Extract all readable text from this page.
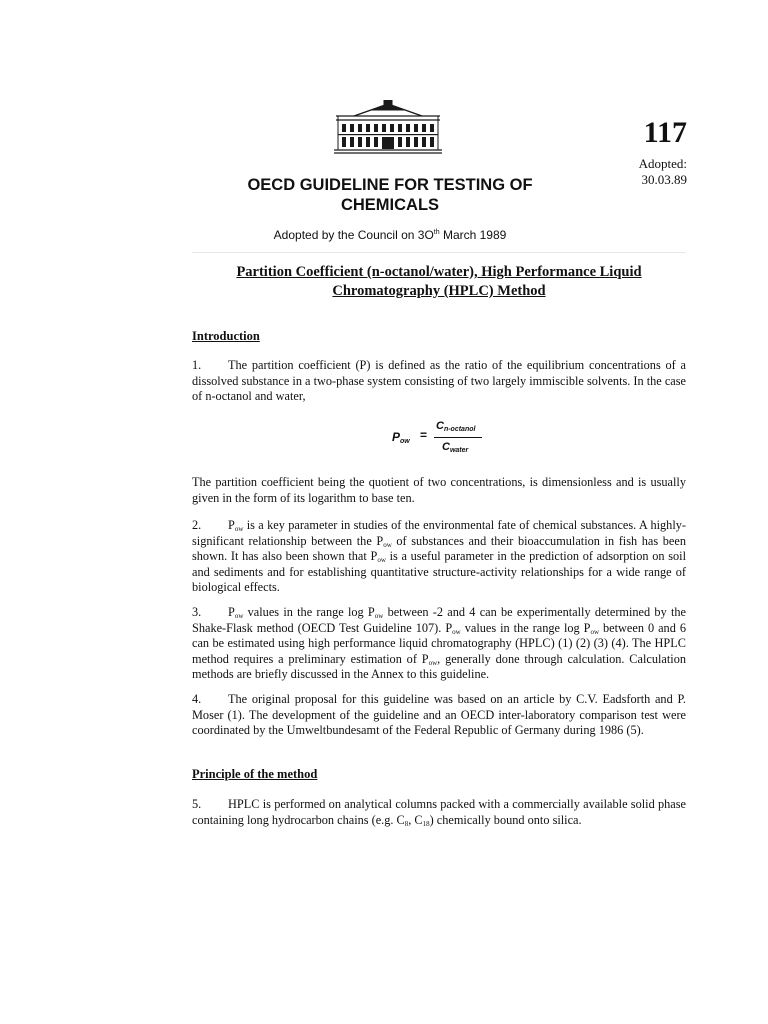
117
Adopted:
30.03.89
OECD GUIDELINE FOR TESTING OF
CHEMICALS
Adopted by the Council on $3O^{th}$ March 1989
Partition Coefficient (n-octanol/water), High Performance Liquid
Chromatography (HPLC) Method
Introduction

1. The partition coefficient (P) is defined as the ratio of the equilibrium concentrations of a dissolved substance in a two-phase system consisting of two largely immiscible solvents. In the case of n-octanol and water,

$P_{ow}$ =
$C_{n-octanol}$
$C_{water}$

The partition coefficient being the quotient of two concentrations, is dimensionless and is usually given in the form of its logarithm to base ten.

2. $P_{ow}$ is a key parameter in studies of the environmental fate of chemical substances. A highly-significant relationship between the $P_{ow}$ of substances and their bioaccumulation in fish has been shown. It has also been shown that $P_{ow}$ is a useful parameter in the prediction of adsorption on soil and sediments and for establishing quantitative structure-activity relationships for a wide range of biological effects.

3. $P_{ow}$ values in the range $\log P_{ow}$ between -2 and 4 can be experimentally determined by the Shake-Flask method (OECD Test Guideline 107). $P_{ow}$ values in the range $\log P_{ow}$ between 0 and 6 can be estimated using high performance liquid chromatography (HPLC) (1) (2) (3) (4). The HPLC method requires a preliminary estimation of $P_{ow}$, generally done through calculation. Calculation methods are briefly discussed in the Annex to this guideline.

4. The original proposal for this guideline was based on an article by C.V. Eadsforth and P. Moser (1). The development of the guideline and an OECD inter-laboratory comparison test were coordinated by the Umweltbundesamt of the Federal Republic of Germany during 1986 (5).

Principle of the method

5. HPLC is performed on analytical columns packed with a commercially available solid phase containing long hydrocarbon chains (e.g. $C_8$, $C_{18}$) chemically bound onto silica.
